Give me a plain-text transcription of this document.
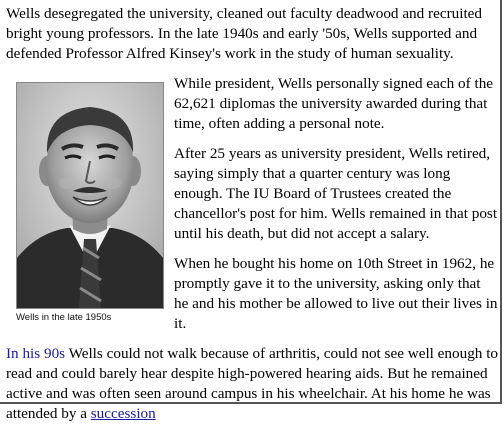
Wells desegregated the university, cleaned out faculty deadwood and recruited bright young professors. In the late 1940s and early '50s, Wells supported and defended Professor Alfred Kinsey's work in the study of human sexuality.

Wells in the late 1950s

While president, Wells personally signed each of the 62,621 diplomas the university awarded during that time, often adding a personal note.

After 25 years as university president, Wells retired, saying simply that a quarter century was long enough. The IU Board of Trustees created the chancellor's post for him. Wells remained in that post until his death, but did not accept a salary.

When he bought his home on 10th Street in 1962, he promptly gave it to the university, asking only that he and his mother be allowed to live out their lives in it.

In his 90s Wells could not walk because of arthritis, could not see well enough to read and could barely hear despite high-powered hearing aids. But he remained active and was often seen around campus in his wheelchair. At his home he was attended by a succession
